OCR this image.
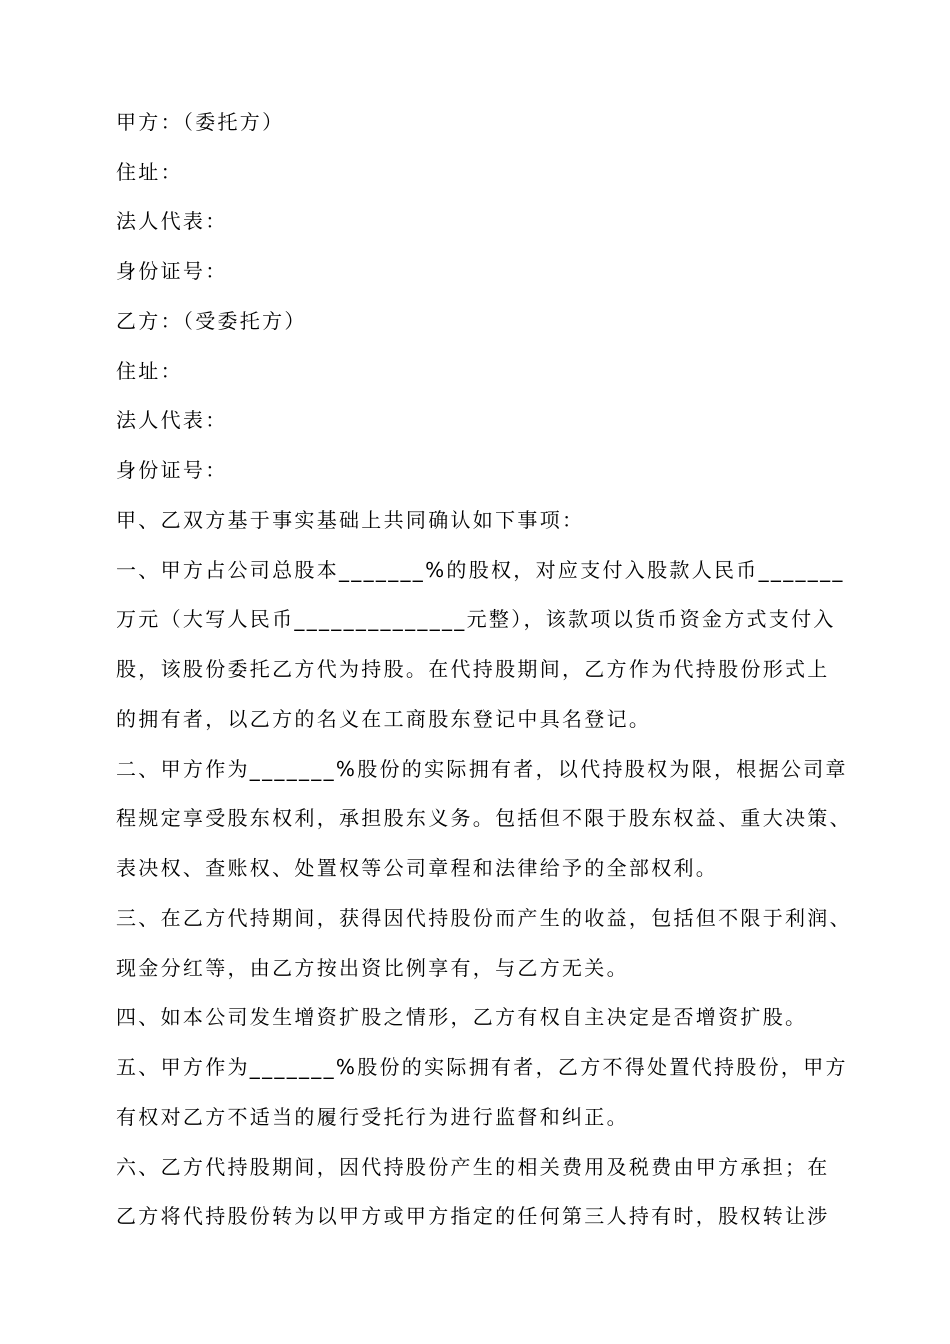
甲方：（委托方）
住址：
法人代表：
身份证号：
乙方：（受委托方）
住址：
法人代表：
身份证号：
甲、乙双方基于事实基础上共同确认如下事项：
一、甲方占公司总股本_______%的股权，对应支付入股款人民币_______
万元（大写人民币______________元整），该款项以货币资金方式支付入
股，该股份委托乙方代为持股。在代持股期间，乙方作为代持股份形式上
的拥有者，以乙方的名义在工商股东登记中具名登记。
二、甲方作为_______%股份的实际拥有者，以代持股权为限，根据公司章
程规定享受股东权利，承担股东义务。包括但不限于股东权益、重大决策、
表决权、查账权、处置权等公司章程和法律给予的全部权利。
三、在乙方代持期间，获得因代持股份而产生的收益，包括但不限于利润、
现金分红等，由乙方按出资比例享有，与乙方无关。
四、如本公司发生增资扩股之情形，乙方有权自主决定是否增资扩股。
五、甲方作为_______%股份的实际拥有者，乙方不得处置代持股份，甲方
有权对乙方不适当的履行受托行为进行监督和纠正。
六、乙方代持股期间，因代持股份产生的相关费用及税费由甲方承担；在
乙方将代持股份转为以甲方或甲方指定的任何第三人持有时，股权转让涉
